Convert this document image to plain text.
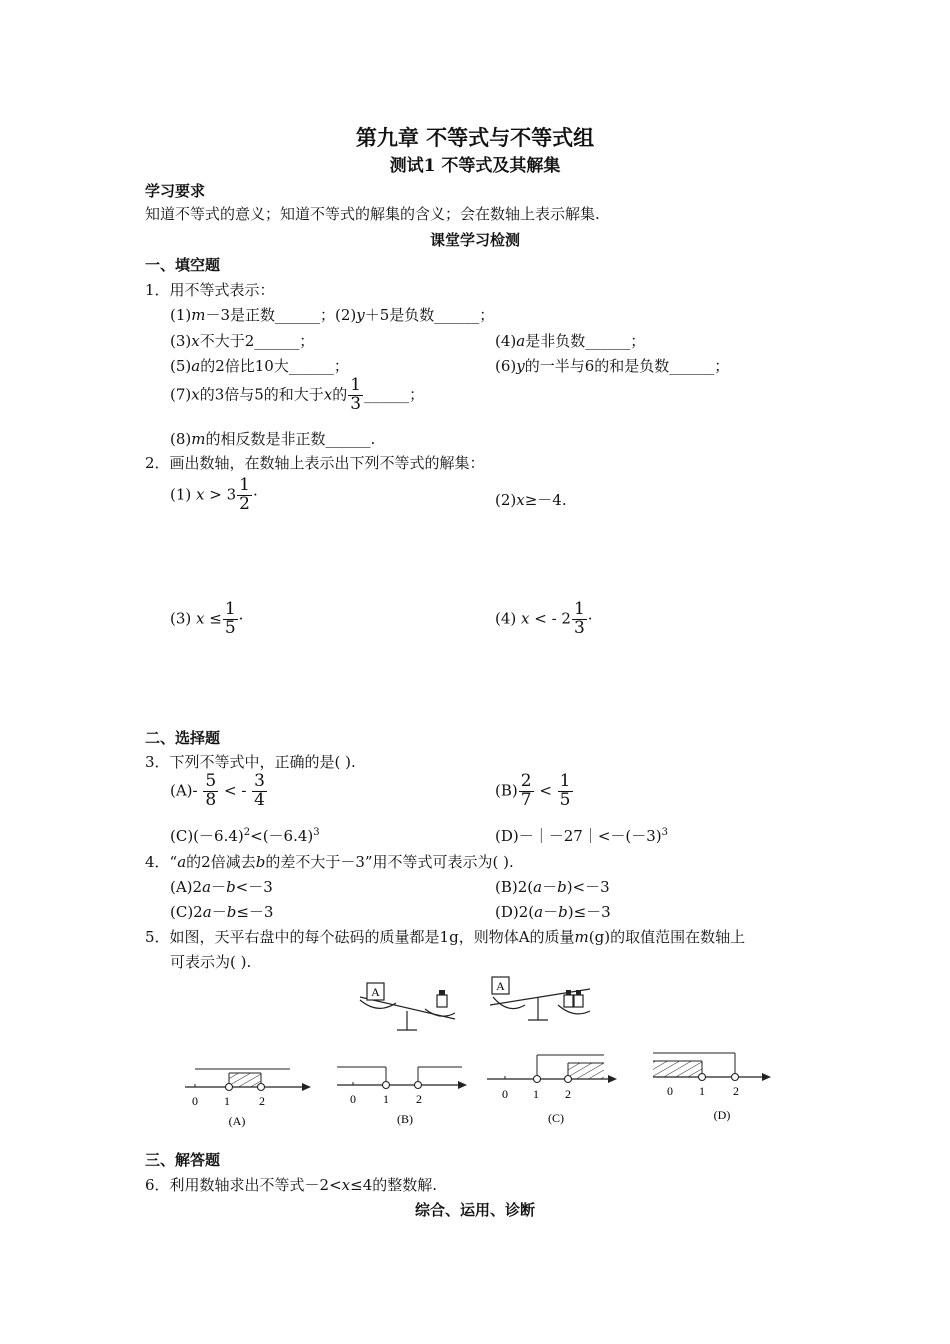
第九章 不等式与不等式组
测试1 不等式及其解集
学习要求
知道不等式的意义；知道不等式的解集的含义；会在数轴上表示解集.
课堂学习检测
一、填空题
1．用不等式表示：
(1)m－3是正数______；(2)y＋5是负数______；
(3)x不大于2______；	(4)a是非负数______；
(5)a的2倍比10大______；	(6)y的一半与6的和是负数______；
(7)x的3倍与5的和大于x的 $\frac{1}{3}$ ______；
(8)m的相反数是非正数______.
2．画出数轴，在数轴上表示出下列不等式的解集：
(1) $x > 3 \frac{1}{2}$ ·	(2)x≥－4.
(3) $x \le \frac{1}{5}$ ·	(4) x < - $2 \frac{1}{3}$ ·
二、选择题
3．下列不等式中，正确的是( ).
$(A)- \frac{5}{8}$ < - $\frac{3}{4}$	$(B) \frac{2}{7} < \frac{1}{5}$
$(C)(-6.4)^2<(-6.4)^3$	$(D)-|-27|<-(-3)^3$
4．“a的2倍减去b的差不大于－3”用不等式可表示为( ).
(A)2a－b<－3	(B)2(a－b)<－3
(C)2a－b≤－3	(D)2(a－b)≤－3
5．如图，天平右盘中的每个砝码的质量都是1g，则物体A的质量m(g)的取值范围在数轴上
可表示为( ).
A	A
0 1 2
(A)
0 1 2
(B)
0 1 2
(C)
0 1 2
(D)
三、解答题
6．利用数轴求出不等式－2<x≤4的整数解.
综合、运用、诊断
